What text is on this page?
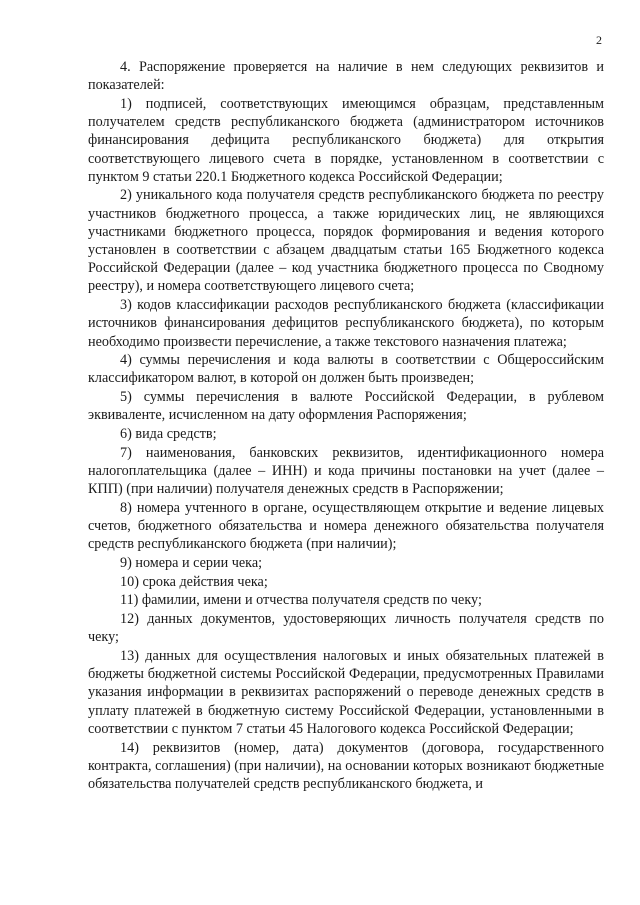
2

4. Распоряжение проверяется на наличие в нем следующих реквизитов и показателей:

1) подписей, соответствующих имеющимся образцам, представленным получателем средств республиканского бюджета (администратором источников финансирования дефицита республиканского бюджета) для открытия соответствующего лицевого счета в порядке, установленном в соответствии с пунктом 9 статьи 220.1 Бюджетного кодекса Российской Федерации;

2) уникального кода получателя средств республиканского бюджета по реестру участников бюджетного процесса, а также юридических лиц, не являющихся участниками бюджетного процесса, порядок формирования и ведения которого установлен в соответствии с абзацем двадцатым статьи 165 Бюджетного кодекса Российской Федерации (далее – код участника бюджетного процесса по Сводному реестру), и номера соответствующего лицевого счета;

3) кодов классификации расходов республиканского бюджета (классификации источников финансирования дефицитов республиканского бюджета), по которым необходимо произвести перечисление, а также текстового назначения платежа;

4) суммы перечисления и кода валюты в соответствии с Общероссийским классификатором валют, в которой он должен быть произведен;

5) суммы перечисления в валюте Российской Федерации, в рублевом эквиваленте, исчисленном на дату оформления Распоряжения;

6) вида средств;

7) наименования, банковских реквизитов, идентификационного номера налогоплательщика (далее – ИНН) и кода причины постановки на учет (далее – КПП) (при наличии) получателя денежных средств в Распоряжении;

8) номера учтенного в органе, осуществляющем открытие и ведение лицевых счетов, бюджетного обязательства и номера денежного обязательства получателя средств республиканского бюджета (при наличии);

9) номера и серии чека;

10) срока действия чека;

11) фамилии, имени и отчества получателя средств по чеку;

12) данных документов, удостоверяющих личность получателя средств по чеку;

13) данных для осуществления налоговых и иных обязательных платежей в бюджеты бюджетной системы Российской Федерации, предусмотренных Правилами указания информации в реквизитах распоряжений о переводе денежных средств в уплату платежей в бюджетную систему Российской Федерации, установленными в соответствии с пунктом 7 статьи 45 Налогового кодекса Российской Федерации;

14) реквизитов (номер, дата) документов (договора, государственного контракта, соглашения) (при наличии), на основании которых возникают бюджетные обязательства получателей средств республиканского бюджета, и
